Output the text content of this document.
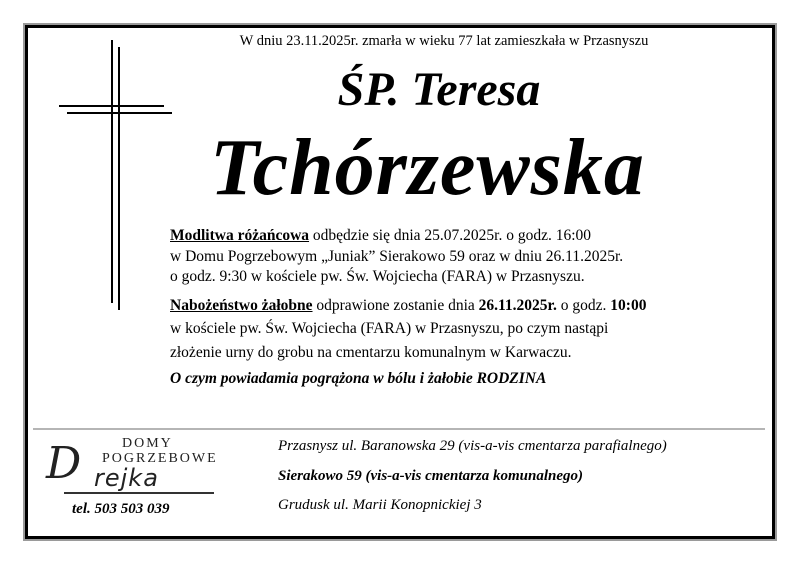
W dniu 23.11.2025r. zmarła w wieku 77 lat zamieszkała w Przasnyszu
ŚP. Teresa
Tchórzewska

Modlitwa różańcowa odbędzie się dnia 25.07.2025r. o godz. 16:00

w Domu Pogrzebowym „Juniak” Sierakowo 59 oraz w dniu 26.11.2025r.

o godz. 9:30 w kościele pw. Św. Wojciecha (FARA) w Przasnyszu.

Nabożeństwo żałobne odprawione zostanie dnia 26.11.2025r. o godz. 10:00

w kościele pw. Św. Wojciecha (FARA) w Przasnyszu, po czym nastąpi

złożenie urny do grobu na cmentarzu komunalnym w Karwaczu.

O czym powiadamia pogrążona w bólu i żałobie RODZINA

DOMY
POGRZEBOWE
D rejka
tel. 503 503 039
Przasnysz ul. Baranowska 29 (vis-a-vis cmentarza parafialnego)
Sierakowo 59 (vis-a-vis cmentarza komunalnego)
Grudusk ul. Marii Konopnickiej 3
